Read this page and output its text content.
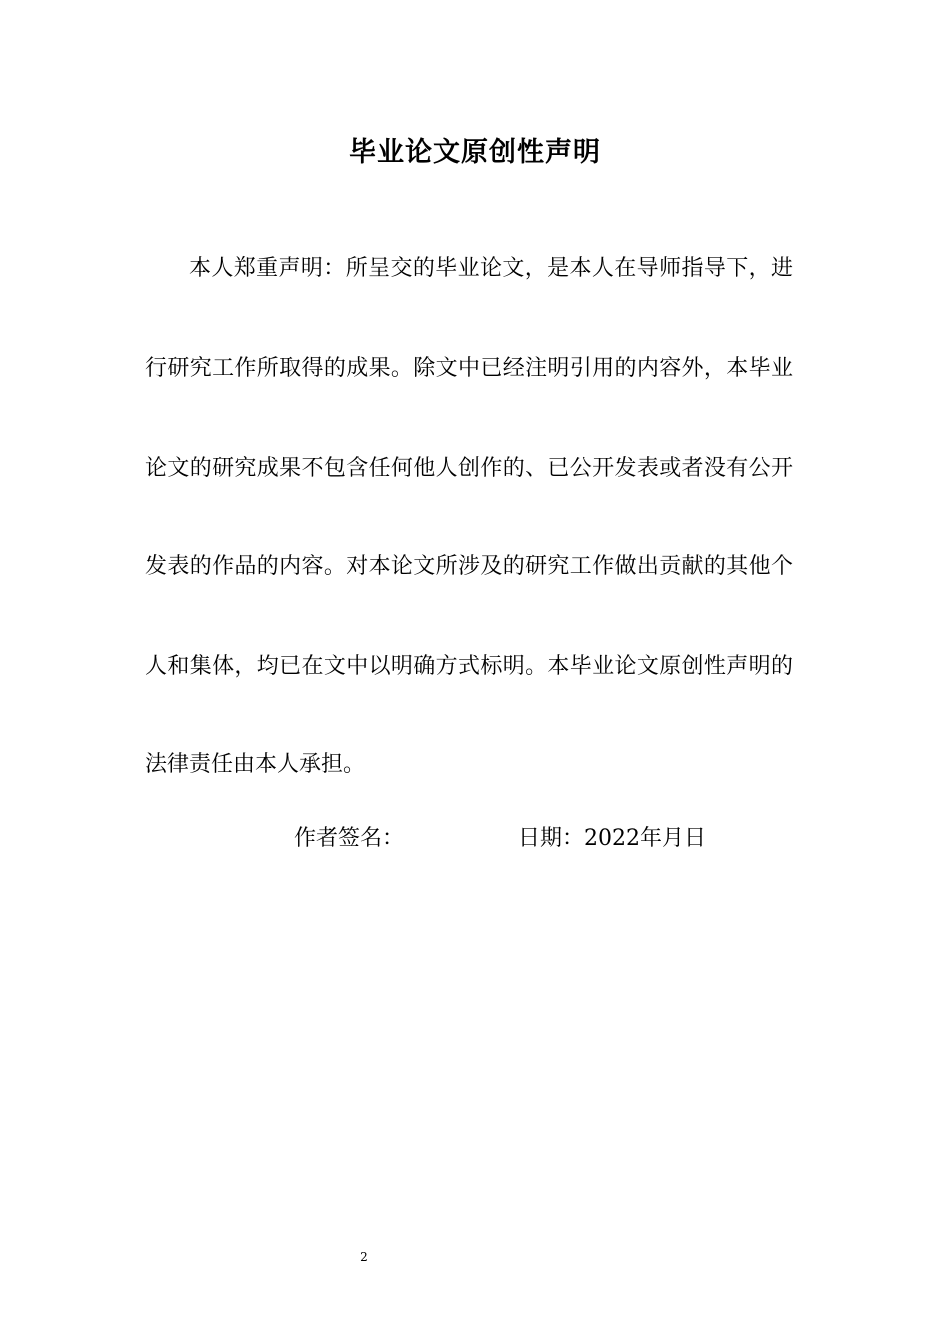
毕业论文原创性声明
本人郑重声明：所呈交的毕业论文，是本人在导师指导下，进
行研究工作所取得的成果。除文中已经注明引用的内容外，本毕业
论文的研究成果不包含任何他人创作的、已公开发表或者没有公开
发表的作品的内容。对本论文所涉及的研究工作做出贡献的其他个
人和集体，均已在文中以明确方式标明。本毕业论文原创性声明的
法律责任由本人承担。
作者签名：	日期：2022年月日
2
